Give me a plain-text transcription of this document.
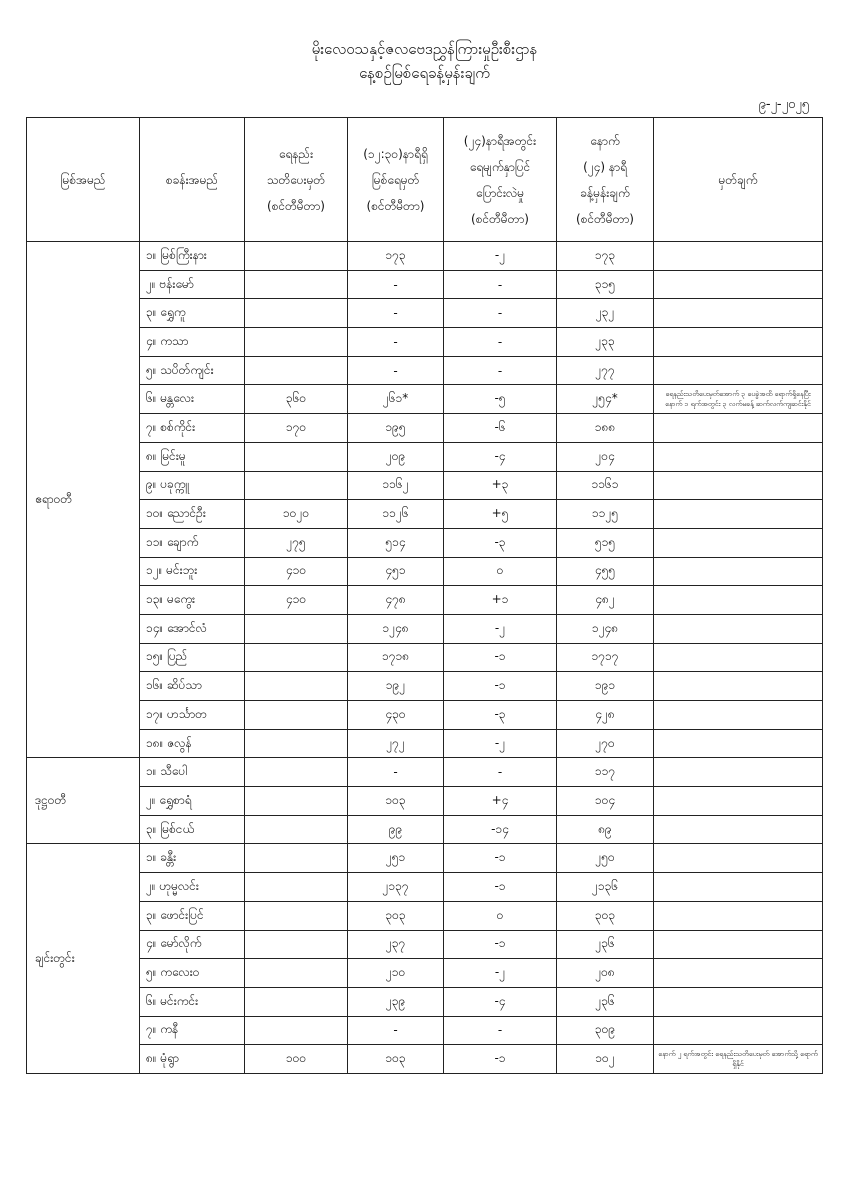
မိုးလေဝသနှင့်ဇလဗေဒညွှန်ကြားမှုဦးစီးဌာန
နေ့စဉ်မြစ်ရေခန့်မှန်းချက်
၉-၂-၂၀၂၅
မြစ်အမည်	စခန်းအမည်	ရေနည်း
သတိပေးမှတ်
(စင်တီမီတာ)	(၁၂:၃၀)နာရီရှိ
မြစ်ရေမှတ်
(စင်တီမီတာ)	(၂၄)နာရီအတွင်း
ရေမျက်နှာပြင်
ပြောင်းလဲမှု
(စင်တီမီတာ)	နောက်
(၂၄) နာရီ
ခန့်မှန်းချက်
(စင်တီမီတာ)	မှတ်ချက်
ဧရာဝတီ	၁။ မြစ်ကြီးနား		၁၇၃	-၂	၁၇၃	
	၂။ ဗန်းမော်		-	-	၃၁၅	
	၃။ ရွှေကူ		-	-	၂၃၂	
	၄။ ကသာ		-	-	၂၃၃	
	၅။ သပိတ်ကျင်း		-	-	၂၇၇	
	၆။ မန္တလေး	၃၆၀	၂၆၁*	-၅	၂၅၄*	ရေနည်းသတိပေးမှတ်အောက် ၃ ပေခွဲအထိ ရောက်ရှိနေပြီး နောက် ၁ ရက်အတွင်း ၃ လက်မခန့် ဆက်လက်ကျဆင်းနိုင်
	၇။ စစ်ကိုင်း	၁၇၀	၁၉၅	-၆	၁၈၈	
	၈။ မြင်းမူ		၂၀၉	-၄	၂၀၄	
	၉။ ပခုက္ကူ		၁၁၆၂	+၃	၁၁၆၁	
	၁၀။ ညောင်ဦး	၁၀၂၀	၁၁၂၆	+၅	၁၁၂၅	
	၁၁။ ချောက်	၂၇၅	၅၁၄	-၃	၅၁၅	
	၁၂။ မင်းဘူး	၄၁၀	၄၅၁	၀	၄၅၅	
	၁၃။ မကွေး	၄၁၀	၄၇၈	+၁	၄၈၂	
	၁၄။ အောင်လံ		၁၂၄၈	-၂	၁၂၄၈	
	၁၅။ ပြည်		၁၇၁၈	-၁	၁၇၁၇	
	၁၆။ ဆိပ်သာ		၁၉၂	-၁	၁၉၁	
	၁၇။ ဟင်္သာတ		၄၃၀	-၃	၄၂၈	
	၁၈။ ဇလွန်		၂၇၂	-၂	၂၇၀	
ဒုဋ္ဌဝတီ	၁။ သီပေါ		-	-	၁၁၇	
	၂။ ရွှေစာရံ		၁၀၃	+၄	၁၀၄	
	၃။ မြစ်ငယ်		၉၉	-၁၄	၈၉	
ချင်းတွင်း	၁။ ခန္တီး		၂၅၁	-၁	၂၅၀	
	၂။ ဟုမ္မလင်း		၂၁၃၇	-၁	၂၁၃၆	
	၃။ ဖောင်းပြင်		၃၀၃	၀	၃၀၃	
	၄။ မော်လိုက်		၂၃၇	-၁	၂၃၆	
	၅။ ကလေးဝ		၂၁၀	-၂	၂၀၈	
	၆။ မင်းကင်း		၂၃၉	-၄	၂၃၆	
	၇။ ကနီ		-	-	၃၀၉	
	၈။ မုံရွာ	၁၀၀	၁၀၃	-၁	၁၀၂	နောက် ၂ ရက်အတွင်း ရေနည်းသတိပေးမှတ် အောက်သို့ ရောက်ရှိနိုင်
